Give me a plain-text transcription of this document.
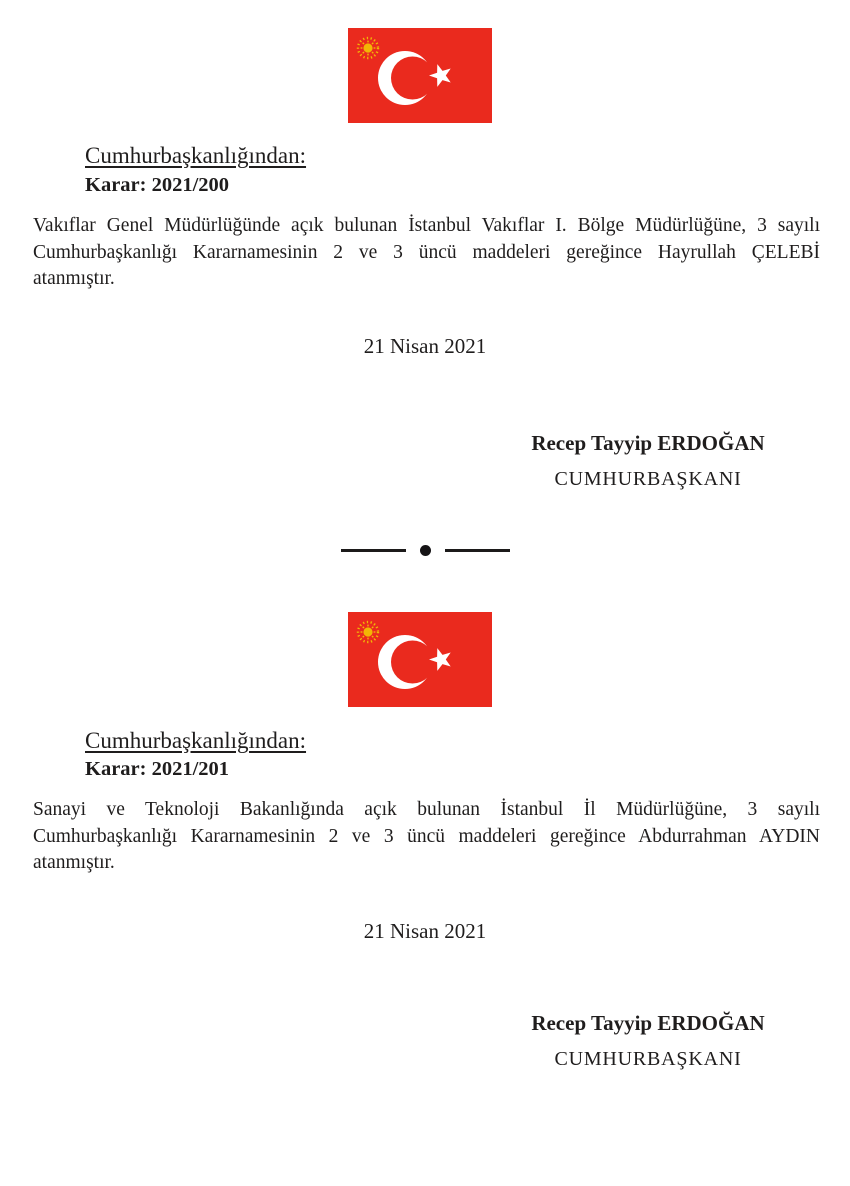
Cumhurbaşkanlığından:
Karar: 2021/200
Vakıflar Genel Müdürlüğünde açık bulunan İstanbul Vakıflar I. Bölge Müdürlüğüne, 3 sayılı Cumhurbaşkanlığı Kararnamesinin 2 ve 3 üncü maddeleri gereğince Hayrullah ÇELEBİ atanmıştır.
21 Nisan 2021
Recep Tayyip ERDOĞAN
CUMHURBAŞKANI
Cumhurbaşkanlığından:
Karar: 2021/201
Sanayi ve Teknoloji Bakanlığında açık bulunan İstanbul İl Müdürlüğüne, 3 sayılı Cumhurbaşkanlığı Kararnamesinin 2 ve 3 üncü maddeleri gereğince Abdurrahman AYDIN atanmıştır.
21 Nisan 2021
Recep Tayyip ERDOĞAN
CUMHURBAŞKANI
